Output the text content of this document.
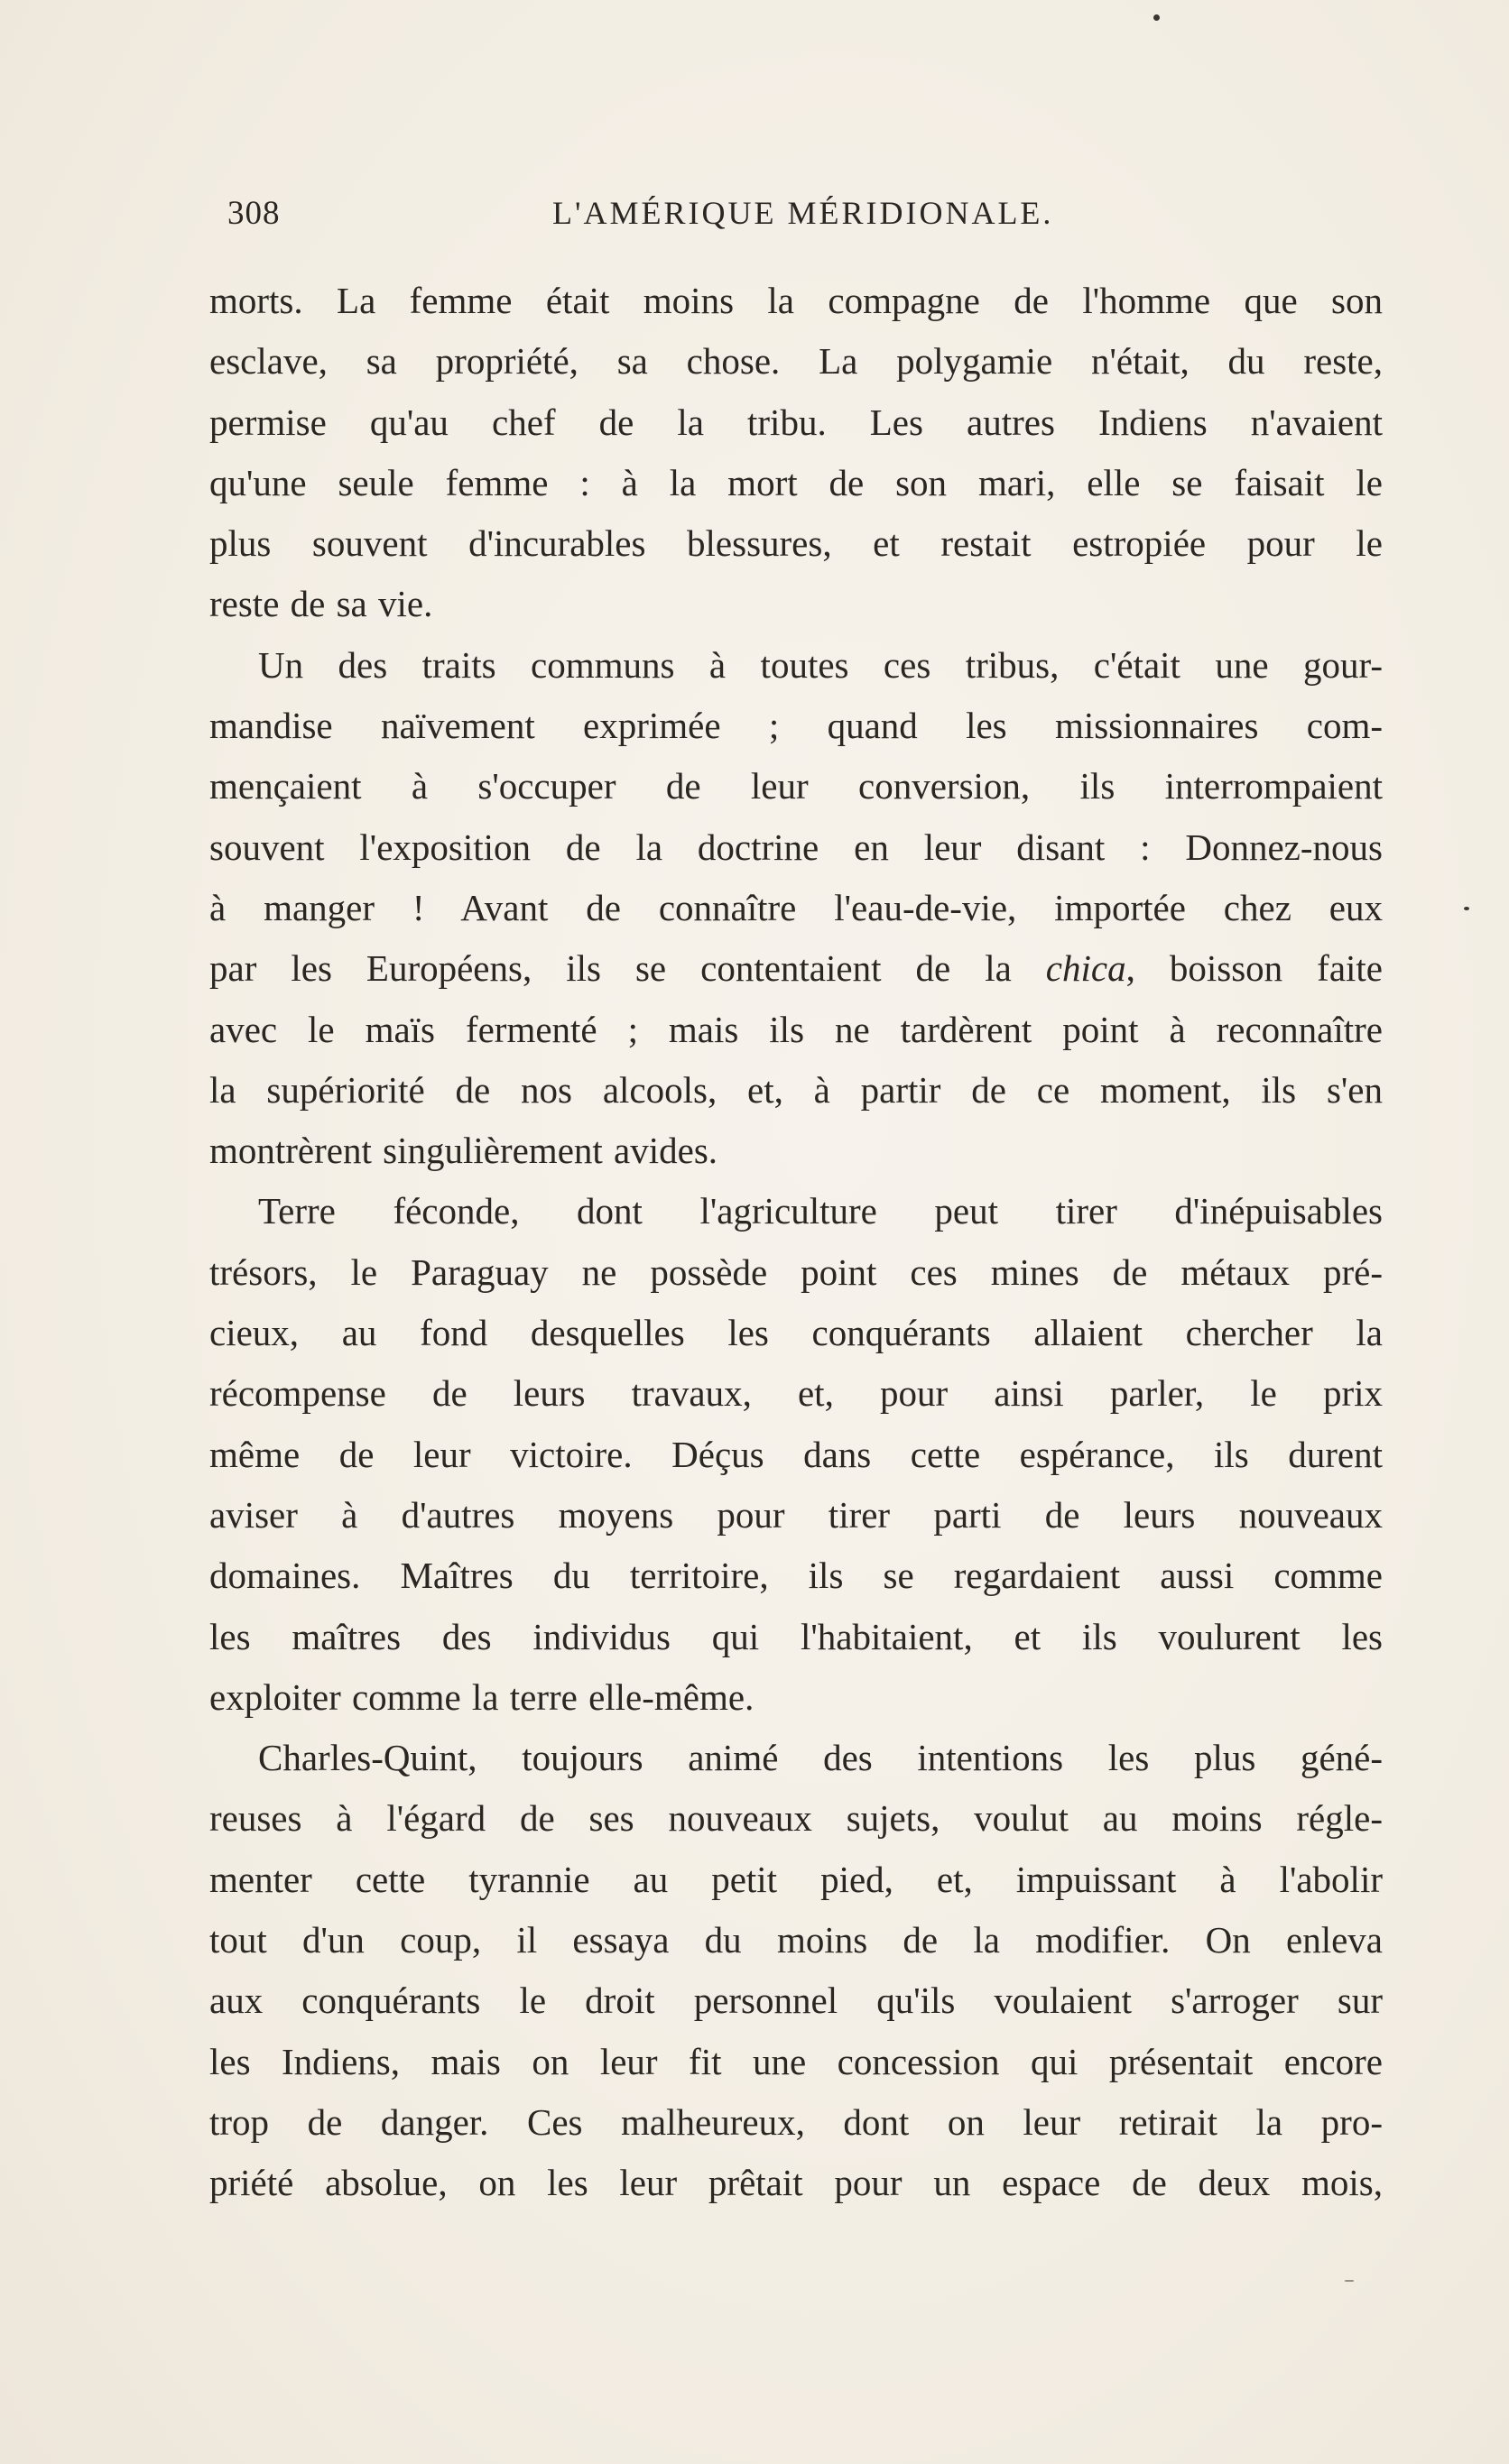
308	L'AMÉRIQUE MÉRIDIONALE.
morts. La femme était moins la compagne de l'homme que son
esclave, sa propriété, sa chose. La polygamie n'était, du reste,
permise qu'au chef de la tribu. Les autres Indiens n'avaient
qu'une seule femme : à la mort de son mari, elle se faisait le
plus souvent d'incurables blessures, et restait estropiée pour le
reste de sa vie.
Un des traits communs à toutes ces tribus, c'était une gour-
mandise naïvement exprimée ; quand les missionnaires com-
mençaient à s'occuper de leur conversion, ils interrompaient
souvent l'exposition de la doctrine en leur disant : Donnez-nous
à manger ! Avant de connaître l'eau-de-vie, importée chez eux
par les Européens, ils se contentaient de la chica, boisson faite
avec le maïs fermenté ; mais ils ne tardèrent point à reconnaître
la supériorité de nos alcools, et, à partir de ce moment, ils s'en
montrèrent singulièrement avides.
Terre féconde, dont l'agriculture peut tirer d'inépuisables
trésors, le Paraguay ne possède point ces mines de métaux pré-
cieux, au fond desquelles les conquérants allaient chercher la
récompense de leurs travaux, et, pour ainsi parler, le prix
même de leur victoire. Déçus dans cette espérance, ils durent
aviser à d'autres moyens pour tirer parti de leurs nouveaux
domaines. Maîtres du territoire, ils se regardaient aussi comme
les maîtres des individus qui l'habitaient, et ils voulurent les
exploiter comme la terre elle-même.
Charles-Quint, toujours animé des intentions les plus géné-
reuses à l'égard de ses nouveaux sujets, voulut au moins régle-
menter cette tyrannie au petit pied, et, impuissant à l'abolir
tout d'un coup, il essaya du moins de la modifier. On enleva
aux conquérants le droit personnel qu'ils voulaient s'arroger sur
les Indiens, mais on leur fit une concession qui présentait encore
trop de danger. Ces malheureux, dont on leur retirait la pro-
priété absolue, on les leur prêtait pour un espace de deux mois,
